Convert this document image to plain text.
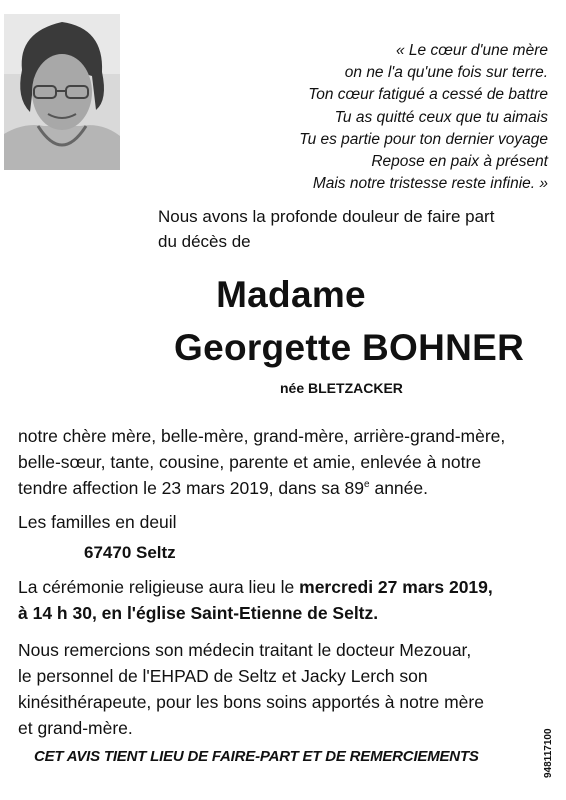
« Le cœur d'une mère
on ne l'a qu'une fois sur terre.
Ton cœur fatigué a cessé de battre
Tu as quitté ceux que tu aimais
Tu es partie pour ton dernier voyage
Repose en paix à présent
Mais notre tristesse reste infinie. »
Nous avons la profonde douleur de faire part
du décès de
Madame
Georgette BOHNER
née BLETZACKER
notre chère mère, belle-mère, grand-mère, arrière-grand-mère,
belle-sœur, tante, cousine, parente et amie, enlevée à notre
tendre affection le 23 mars 2019, dans sa 89e année.
Les familles en deuil
67470 Seltz
La cérémonie religieuse aura lieu le mercredi 27 mars 2019,
à 14 h 30, en l'église Saint-Etienne de Seltz.
Nous remercions son médecin traitant le docteur Mezouar,
le personnel de l'EHPAD de Seltz et Jacky Lerch son
kinésithérapeute, pour les bons soins apportés à notre mère
et grand-mère.
CET AVIS TIENT LIEU DE FAIRE-PART ET DE REMERCIEMENTS	948117100
